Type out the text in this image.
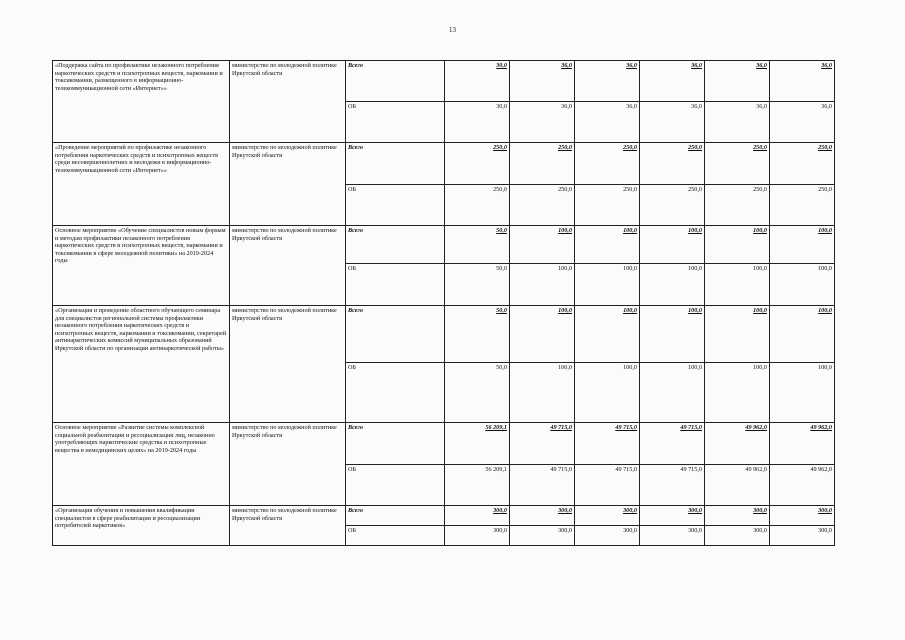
13
«Поддержка сайта по профилактике незаконного потребления наркотических средств и психотропных веществ, наркомании и токсикомании, размещенного в информационно-телекоммуникационной сети «Интернет»»	министерство по молодежной политике Иркутской области	Всего	30,0	36,0	36,0	36,0	36,0	36,0
		ОБ	30,0	36,0	36,0	36,0	36,0	36,0
«Проведение мероприятий по профилактике незаконного потребления наркотических средств и психотропных веществ среди несовершеннолетних и молодежи в информационно-телекоммуникационной сети «Интернет»»	министерство по молодежной политике Иркутской области	Всего	250,0	250,0	250,0	250,0	250,0	250,0
		ОБ	250,0	250,0	250,0	250,0	250,0	250,0
Основное мероприятие «Обучение специалистов новым формам и методам профилактики незаконного потребления наркотических средств и психотропных веществ, наркомании и токсикомании в сфере молодежной политики» на 2019-2024 годы	министерство по молодежной политике Иркутской области	Всего	50,0	100,0	100,0	100,0	100,0	100,0
		ОБ	50,0	100,0	100,0	100,0	100,0	100,0
«Организация и проведение областного обучающего семинара для специалистов региональной системы профилактики незаконного потребления наркотических средств и психотропных веществ, наркомании и токсикомании, секретарей антинаркотических комиссий муниципальных образований Иркутской области по организации антинаркотической работы»	министерство по молодежной политике Иркутской области	Всего	50,0	100,0	100,0	100,0	100,0	100,0
		ОБ	50,0	100,0	100,0	100,0	100,0	100,0
Основное мероприятие «Развитие системы комплексной социальной реабилитации и ресоциализации лиц, незаконно употребляющих наркотические средства и психотропные вещества в немедицинских целях» на 2019-2024 годы	министерство по молодежной политике Иркутской области	Всего	56 209,1	49 715,0	49 715,0	49 715,0	49 962,0	49 962,0
		ОБ	56 209,1	49 715,0	49 715,0	49 715,0	49 962,0	49 962,0
«Организация обучения и повышения квалификации специалистов в сфере реабилитации и ресоциализации потребителей наркотиков»	министерство по молодежной политике Иркутской области	Всего	300,0	300,0	300,0	300,0	300,0	300,0
		ОБ	300,0	300,0	300,0	300,0	300,0	300,0
